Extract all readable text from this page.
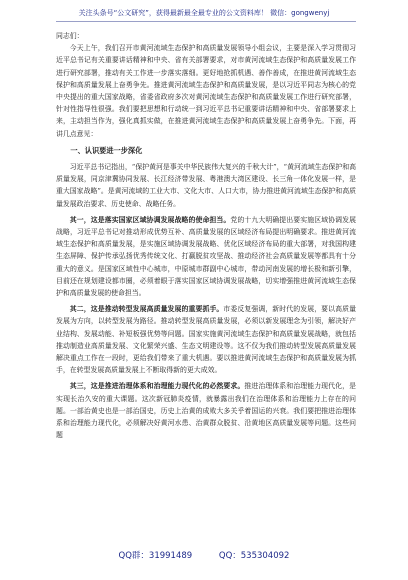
关注头条号“公文研究”，获得最新最全最专业的公文资料库！ 微信：gongwenyj

同志们：

今天上午，我们召开市黄河流域生态保护和高质量发展领导小组会议，主要是深入学习贯彻习近平总书记有关重要讲话精神和中央、省有关部署要求，对市黄河流域生态保护和高质量发展工作进行研究部署，推动有关工作进一步落实落细。更好地抢抓机遇、善作善成，在推进黄河流域生态保护和高质量发展上奋勇争先。推进黄河流域生态保护和高质量发展，是以习近平同志为核心的党中央提出的重大国家战略，省委省政府多次对黄河流域生态保护和高质量发展工作进行研究部署，针对性指导性很强。我们要把思想和行动统一到习近平总书记重要讲话精神和中央、省部署要求上来，主动担当作为，强化真抓实做，在推进黄河流域生态保护和高质量发展上奋勇争先。下面，再讲几点意见：

一、认识要进一步深化

习近平总书记指出，“保护黄河是事关中华民族伟大复兴的千秋大计”，“黄河流域生态保护和高质量发展，同京津冀协同发展、长江经济带发展、粤港澳大湾区建设、长三角一体化发展一样，是重大国家战略”。是黄河流域的工业大市、文化大市、人口大市，协力推进黄河流域生态保护和高质量发展政治要求、历史使命、战略任务。

其一，这是落实国家区域协调发展战略的使命担当。党的十九大明确提出要实施区域协调发展战略，习近平总书记对推动形成优势互补、高质量发展的区域经济布局提出明确要求。推进黄河流域生态保护和高质量发展，是实施区域协调发展战略、优化区域经济布局的重大部署，对我国构建生态屏障、保护传承弘扬优秀传统文化、打赢脱贫攻坚战、推动经济社会高质量发展等都具有十分重大的意义。是国家区域性中心城市，中原城市群副中心城市，带动河南发展的增长极和新引擎，目前还在规划建设都市圈，必须着眼于落实国家区域协调发展战略，切实增强推进黄河流域生态保护和高质量发展的使命担当。

其二，这是推动转型发展高质量发展的重要抓手。市委反复强调，新时代的发展，要以高质量发展为方向，以转型发展为路径。推动转型发展高质量发展，必须以新发展理念为引领，解决好产业结构、发展动能、补短板强优势等问题。国家实施黄河流域生态保护和高质量发展战略，就包括推动制造业高质量发展、文化繁荣兴盛、生态文明建设等。这不仅为我们推动转型发展高质量发展解决重点工作在一段时，更给我们带来了重大机遇。要以推进黄河流域生态保护和高质量发展为抓手，在转型发展高质量发展上不断取得新的更大成效。

其三，这是推进治理体系和治理能力现代化的必然要求。推进治理体系和治理能力现代化，是实现长治久安的重大课题。这次新冠肺炎疫情，就暴露出我们在治理体系和治理能力上存在的问题。一部治黄史也是一部治国史，历史上治黄的成败大多关乎着国运的兴衰。我们要把推进治理体系和治理能力现代化，必须解决好黄河水患、治黄群众脱贫、沿黄地区高质量发展等问题。这些问题

QQ群：31991489	QQ：535304092
